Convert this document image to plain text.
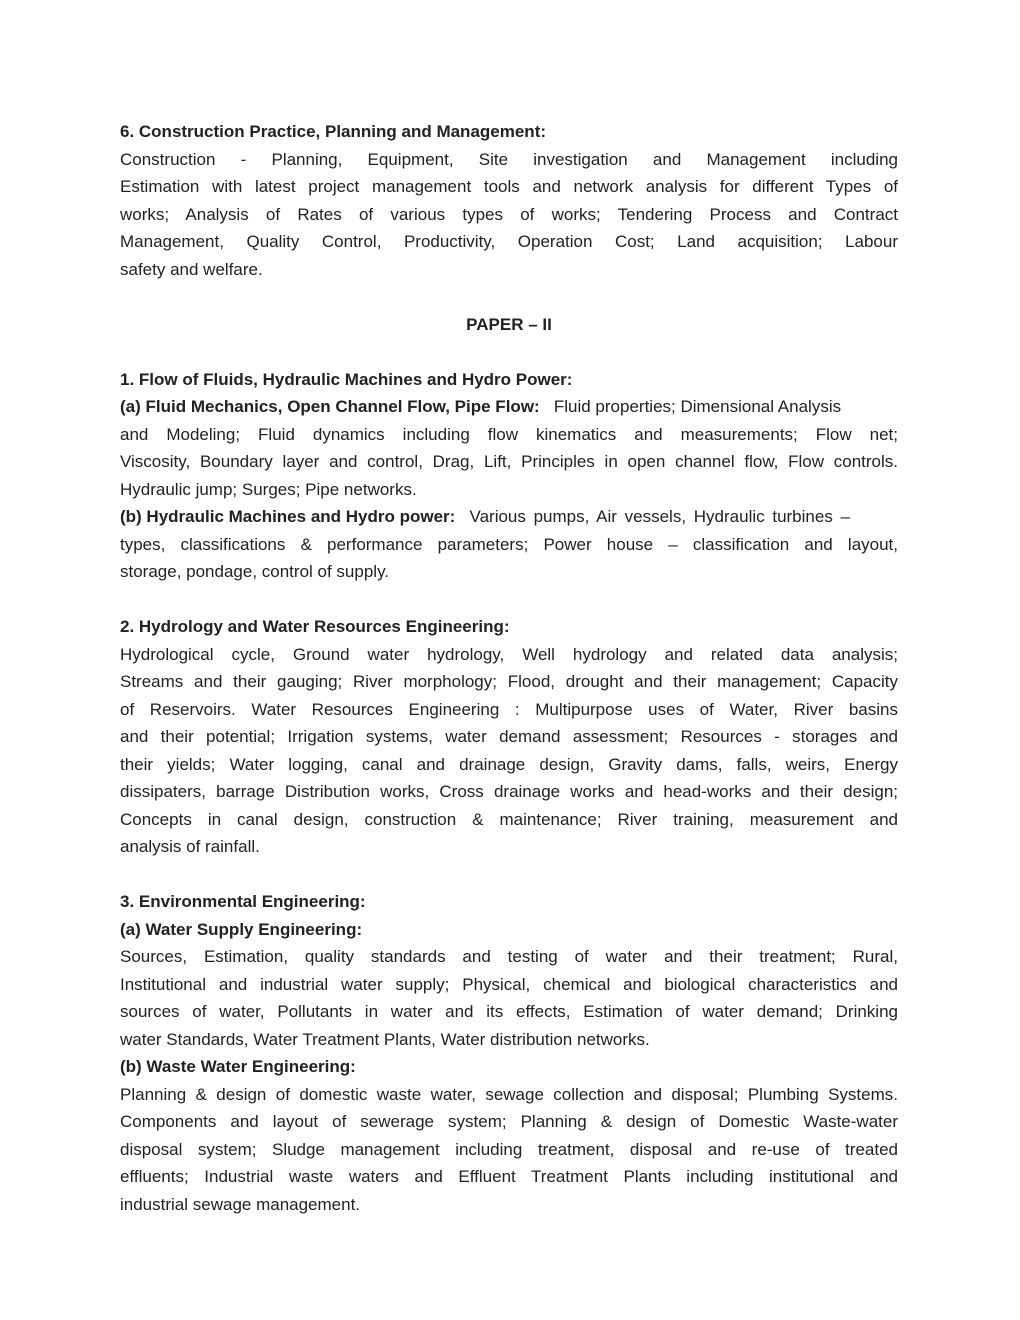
6. Construction Practice, Planning and Management:
Construction - Planning, Equipment, Site investigation and Management including
Estimation with latest project management tools and network analysis for different Types of
works; Analysis of Rates of various types of works; Tendering Process and Contract
Management, Quality Control, Productivity, Operation Cost; Land acquisition; Labour
safety and welfare.
PAPER – II
1. Flow of Fluids, Hydraulic Machines and Hydro Power:
(a) Fluid Mechanics, Open Channel Flow, Pipe Flow: Fluid properties; Dimensional Analysis
and Modeling; Fluid dynamics including flow kinematics and measurements; Flow net;
Viscosity, Boundary layer and control, Drag, Lift, Principles in open channel flow, Flow controls.
Hydraulic jump; Surges; Pipe networks.
(b) Hydraulic Machines and Hydro power: Various pumps, Air vessels, Hydraulic turbines –
types, classifications & performance parameters; Power house – classification and layout,
storage, pondage, control of supply.
2. Hydrology and Water Resources Engineering:
Hydrological cycle, Ground water hydrology, Well hydrology and related data analysis;
Streams and their gauging; River morphology; Flood, drought and their management; Capacity
of Reservoirs. Water Resources Engineering : Multipurpose uses of Water, River basins
and their potential; Irrigation systems, water demand assessment; Resources - storages and
their yields; Water logging, canal and drainage design, Gravity dams, falls, weirs, Energy
dissipaters, barrage Distribution works, Cross drainage works and head-works and their design;
Concepts in canal design, construction & maintenance; River training, measurement and
analysis of rainfall.
3. Environmental Engineering:
(a) Water Supply Engineering:
Sources, Estimation, quality standards and testing of water and their treatment; Rural,
Institutional and industrial water supply; Physical, chemical and biological characteristics and
sources of water, Pollutants in water and its effects, Estimation of water demand; Drinking
water Standards, Water Treatment Plants, Water distribution networks.
(b) Waste Water Engineering:
Planning & design of domestic waste water, sewage collection and disposal; Plumbing Systems.
Components and layout of sewerage system; Planning & design of Domestic Waste-water
disposal system; Sludge management including treatment, disposal and re-use of treated
effluents; Industrial waste waters and Effluent Treatment Plants including institutional and
industrial sewage management.
